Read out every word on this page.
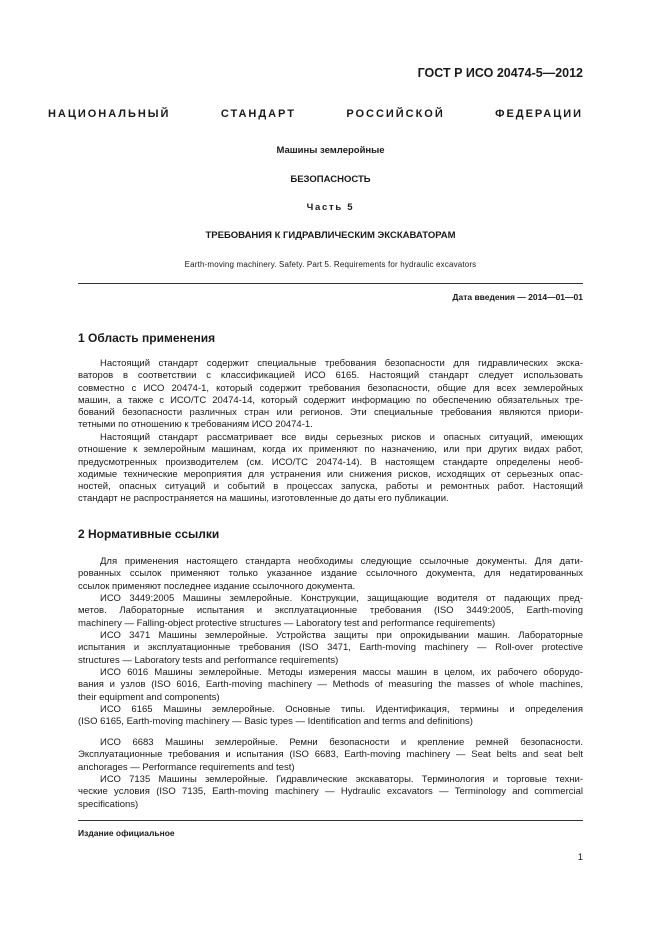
ГОСТ Р ИСО 20474-5—2012
НАЦИОНАЛЬНЫЙ СТАНДАРТ РОССИЙСКОЙ ФЕДЕРАЦИИ
Машины землеройные
БЕЗОПАСНОСТЬ
Часть 5
ТРЕБОВАНИЯ К ГИДРАВЛИЧЕСКИМ ЭКСКАВАТОРАМ
Earth-moving machinery. Safety. Part 5. Requirements for hydraulic excavators
Дата введения — 2014—01—01
1 Область применения
Настоящий стандарт содержит специальные требования безопасности для гидравлических экска-
ваторов в соответствии с классификацией ИСО 6165. Настоящий стандарт следует использовать
совместно с ИСО 20474-1, который содержит требования безопасности, общие для всех землеройных
машин, а также с ИСО/ТС 20474-14, который содержит информацию по обеспечению обязательных тре-
бований безопасности различных стран или регионов. Эти специальные требования являются приори-
тетными по отношению к требованиям ИСО 20474-1.
Настоящий стандарт рассматривает все виды серьезных рисков и опасных ситуаций, имеющих
отношение к землеройным машинам, когда их применяют по назначению, или при других видах работ,
предусмотренных производителем (см. ИСО/ТС 20474-14). В настоящем стандарте определены необ-
ходимые технические мероприятия для устранения или снижения рисков, исходящих от серьезных опас-
ностей, опасных ситуаций и событий в процессах запуска, работы и ремонтных работ. Настоящий
стандарт не распространяется на машины, изготовленные до даты его публикации.
2 Нормативные ссылки
Для применения настоящего стандарта необходимы следующие ссылочные документы. Для дати-
рованных ссылок применяют только указанное издание ссылочного документа, для недатированных
ссылок применяют последнее издание ссылочного документа.
ИСО 3449:2005 Машины землеройные. Конструкции, защищающие водителя от падающих пред-
метов. Лабораторные испытания и эксплуатационные требования (ISO 3449:2005, Earth-moving
machinery — Falling-object protective structures — Laboratory test and performance requirements)
ИСО 3471 Машины землеройные. Устройства защиты при опрокидывании машин. Лабораторные
испытания и эксплуатационные требования (ISO 3471, Earth-moving machinery — Roll-over protective
structures — Laboratory tests and performance requirements)
ИСО 6016 Машины землеройные. Методы измерения массы машин в целом, их рабочего оборудо-
вания и узлов (ISO 6016, Earth-moving machinery — Methods of measuring the masses of whole machines,
their equipment and components)
ИСО 6165 Машины землеройные. Основные типы. Идентификация, термины и определения
(ISO 6165, Earth-moving machinery — Basic types — Identification and terms and definitions)
ИСО 6683 Машины землеройные. Ремни безопасности и крепление ремней безопасности.
Эксплуатационные требования и испытания (ISO 6683, Earth-moving machinery — Seat belts and seat belt
anchorages — Performance requirements and test)
ИСО 7135 Машины землеройные. Гидравлические экскаваторы. Терминология и торговые техни-
ческие условия (ISO 7135, Earth-moving machinery — Hydraulic excavators — Terminology and commercial
specifications)
Издание официальное
1
